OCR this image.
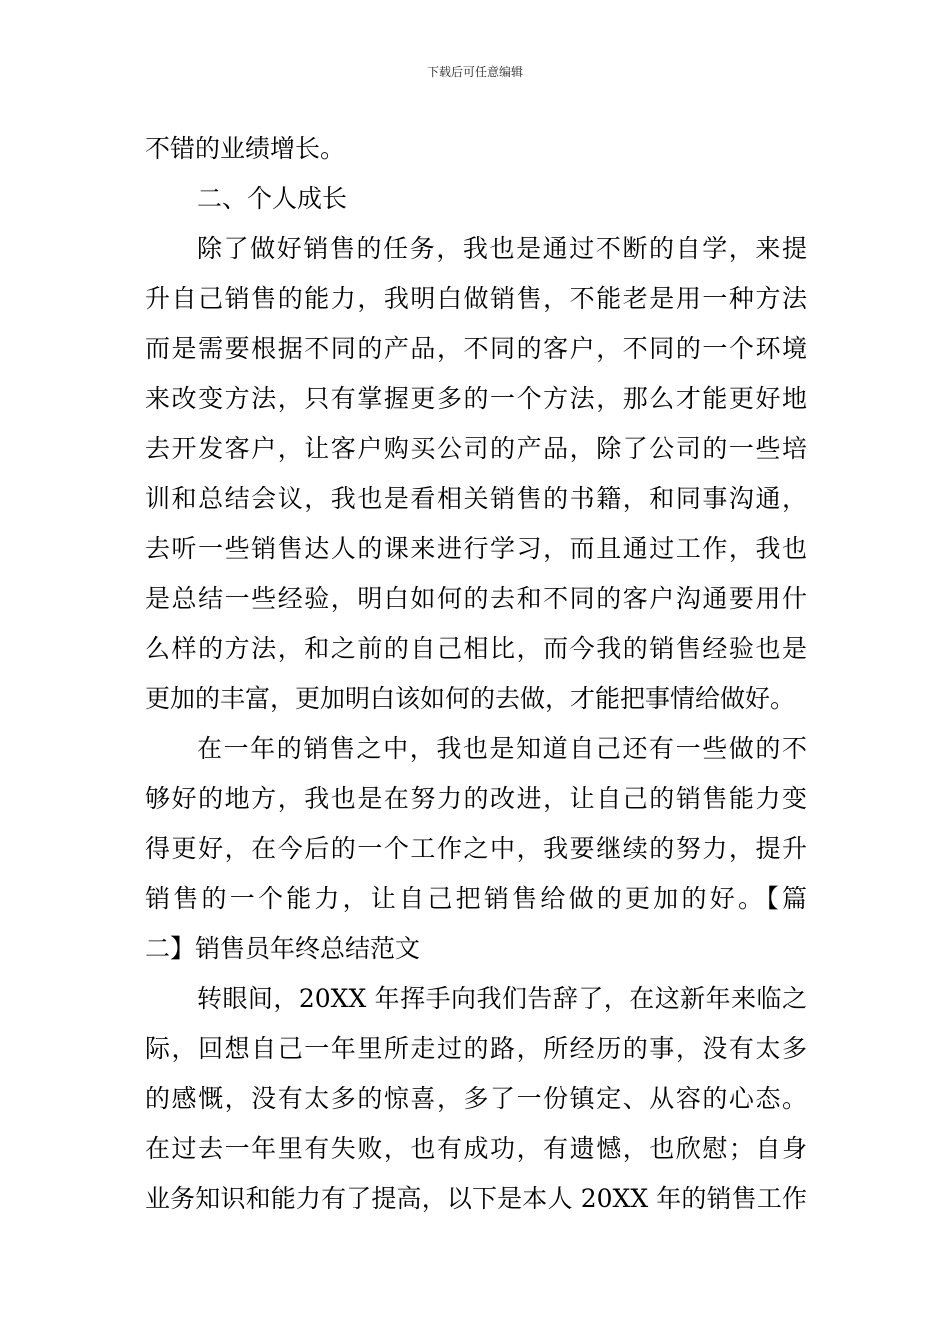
下载后可任意编辑
不错的业绩增长。
二、个人成长
除了做好销售的任务，我也是通过不断的自学，来提
升自己销售的能力，我明白做销售，不能老是用一种方法
而是需要根据不同的产品，不同的客户，不同的一个环境
来改变方法，只有掌握更多的一个方法，那么才能更好地
去开发客户，让客户购买公司的产品，除了公司的一些培
训和总结会议，我也是看相关销售的书籍，和同事沟通，
去听一些销售达人的课来进行学习，而且通过工作，我也
是总结一些经验，明白如何的去和不同的客户沟通要用什
么样的方法，和之前的自己相比，而今我的销售经验也是
更加的丰富，更加明白该如何的去做，才能把事情给做好。
在一年的销售之中，我也是知道自己还有一些做的不
够好的地方，我也是在努力的改进，让自己的销售能力变
得更好，在今后的一个工作之中，我要继续的努力，提升
销售的一个能力，让自己把销售给做的更加的好。【篇
二】销售员年终总结范文
转眼间，20XX 年挥手向我们告辞了，在这新年来临之
际，回想自己一年里所走过的路，所经历的事，没有太多
的感慨，没有太多的惊喜，多了一份镇定、从容的心态。
在过去一年里有失败，也有成功，有遗憾，也欣慰；自身
业务知识和能力有了提高，以下是本人 20XX 年的销售工作
